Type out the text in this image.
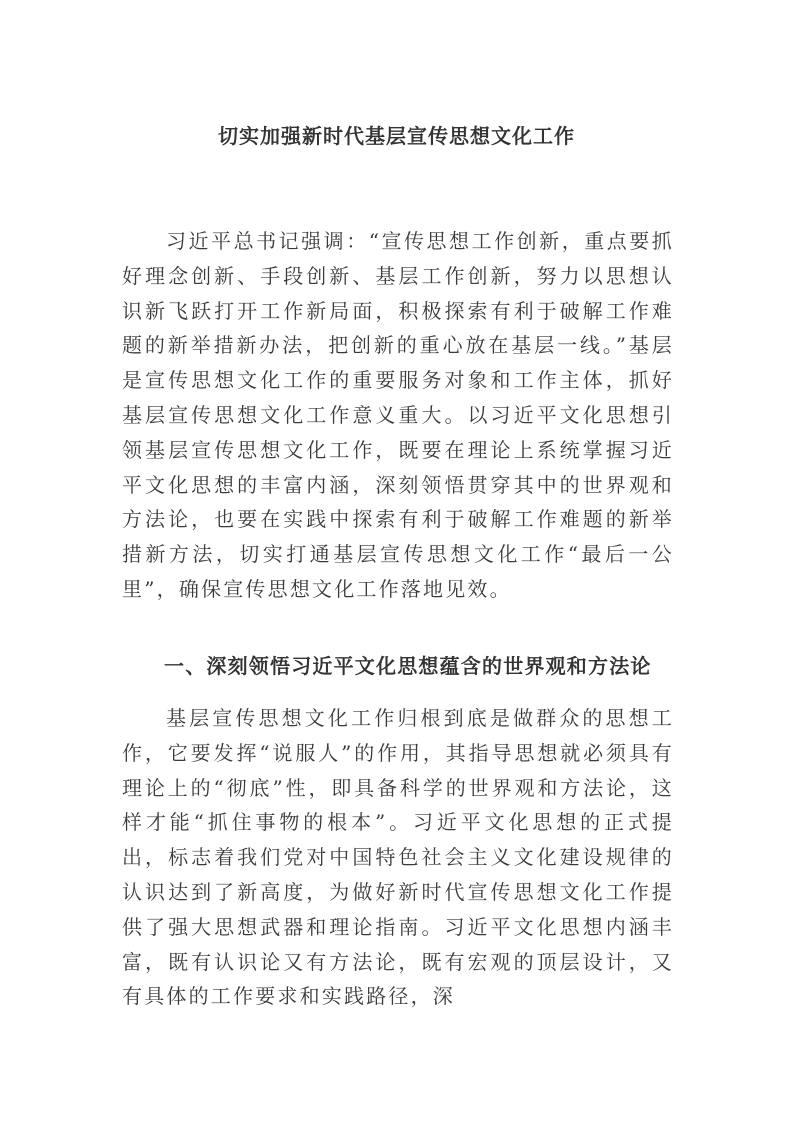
切实加强新时代基层宣传思想文化工作

习近平总书记强调：“宣传思想工作创新，重点要抓好理念创新、手段创新、基层工作创新，努力以思想认识新飞跃打开工作新局面，积极探索有利于破解工作难题的新举措新办法，把创新的重心放在基层一线。”基层是宣传思想文化工作的重要服务对象和工作主体，抓好基层宣传思想文化工作意义重大。以习近平文化思想引领基层宣传思想文化工作，既要在理论上系统掌握习近平文化思想的丰富内涵，深刻领悟贯穿其中的世界观和方法论，也要在实践中探索有利于破解工作难题的新举措新方法，切实打通基层宣传思想文化工作“最后一公里”，确保宣传思想文化工作落地见效。

一、深刻领悟习近平文化思想蕴含的世界观和方法论

基层宣传思想文化工作归根到底是做群众的思想工作，它要发挥“说服人”的作用，其指导思想就必须具有理论上的“彻底”性，即具备科学的世界观和方法论，这样才能“抓住事物的根本”。习近平文化思想的正式提出，标志着我们党对中国特色社会主义文化建设规律的认识达到了新高度，为做好新时代宣传思想文化工作提供了强大思想武器和理论指南。习近平文化思想内涵丰富，既有认识论又有方法论，既有宏观的顶层设计，又有具体的工作要求和实践路径，深
